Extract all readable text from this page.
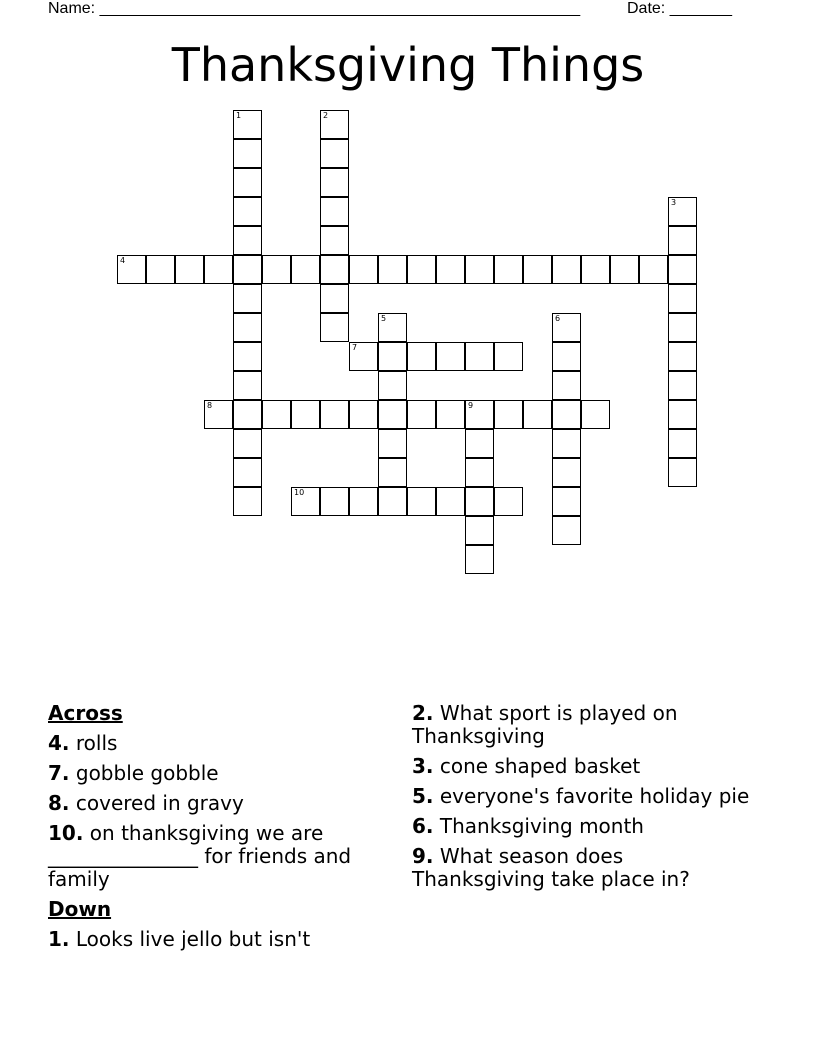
Name: ______________________________________________________	Date: _______
Thanksgiving Things
1	2
3
4
5	6
7
8	9
10
Across
4. rolls
7. gobble gobble
8. covered in gravy
10. on thanksgiving we are _______________ for friends and family
Down
1. Looks live jello but isn't
2. What sport is played on Thanksgiving
3. cone shaped basket
5. everyone's favorite holiday pie
6. Thanksgiving month
9. What season does Thanksgiving take place in?
